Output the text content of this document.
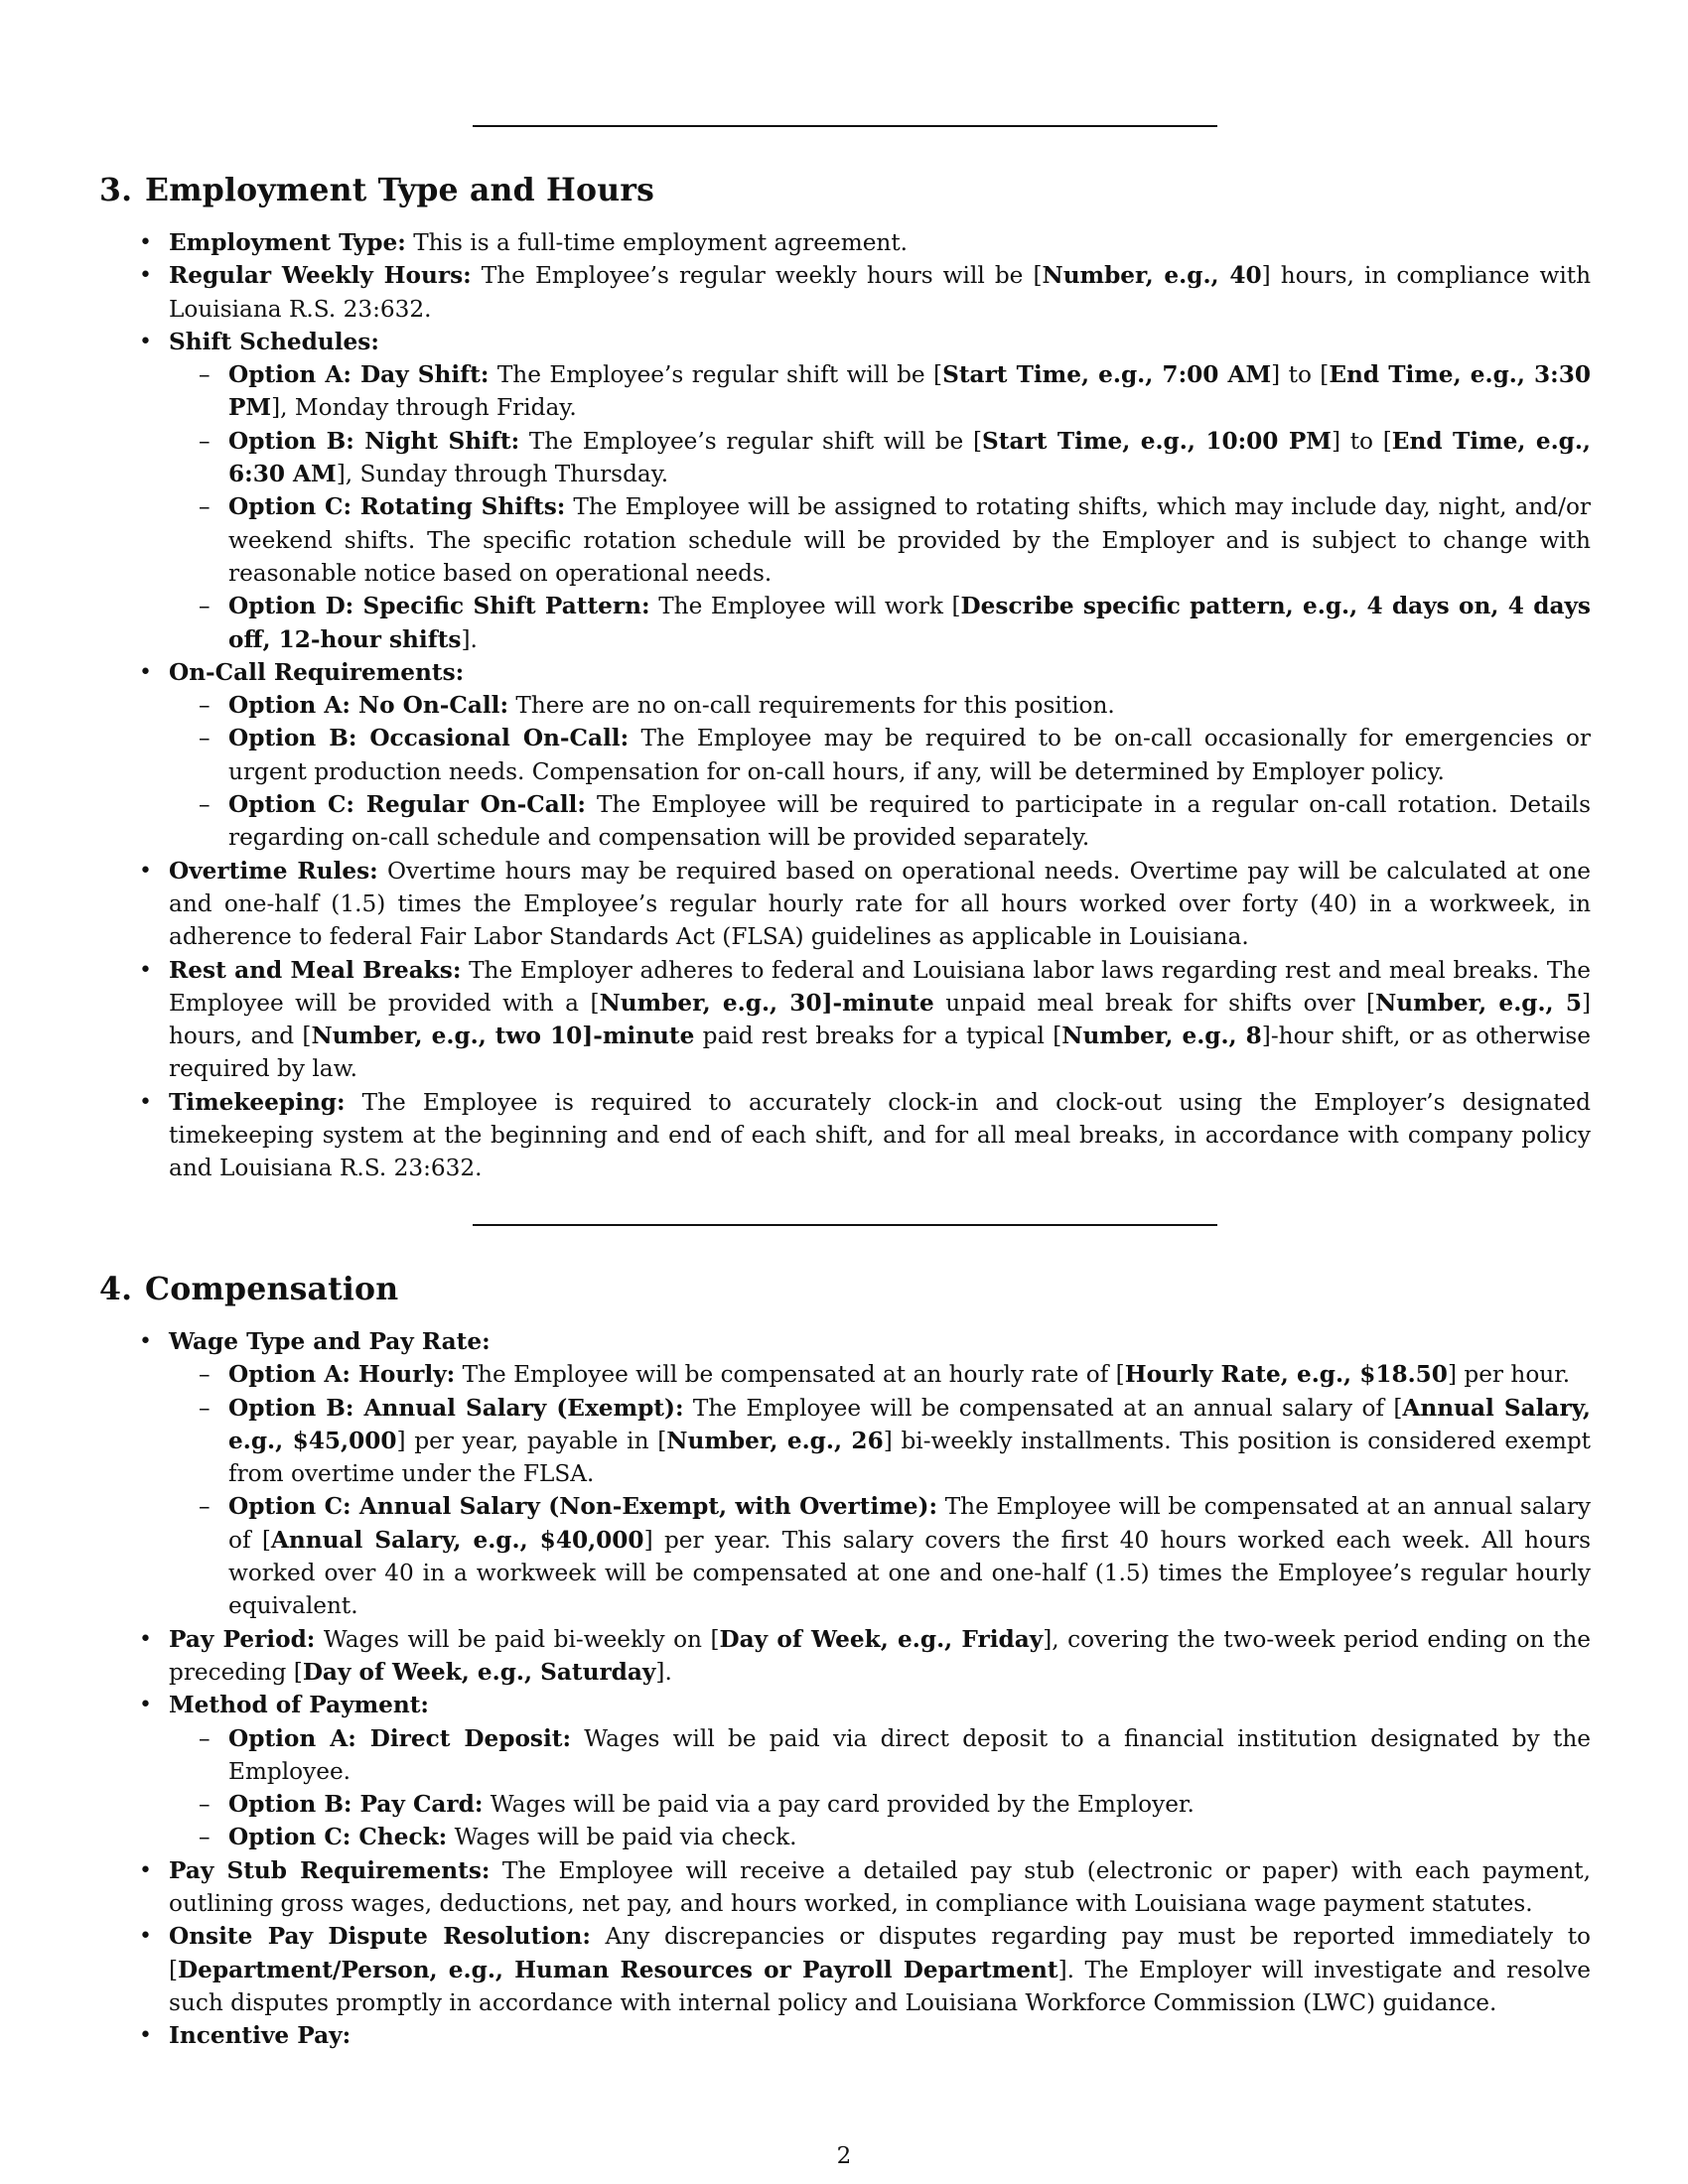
3. Employment Type and Hours
• Employment Type: This is a full-time employment agreement.
• Regular Weekly Hours: The Employee’s regular weekly hours will be [Number, e.g., 40] hours, in compliance with Louisiana R.S. 23:632.
• Shift Schedules:
– Option A: Day Shift: The Employee’s regular shift will be [Start Time, e.g., 7:00 AM] to [End Time, e.g., 3:30 PM], Monday through Friday.
– Option B: Night Shift: The Employee’s regular shift will be [Start Time, e.g., 10:00 PM] to [End Time, e.g., 6:30 AM], Sunday through Thursday.
– Option C: Rotating Shifts: The Employee will be assigned to rotating shifts, which may include day, night, and/or weekend shifts. The specific rotation schedule will be provided by the Employer and is subject to change with reasonable notice based on operational needs.
– Option D: Specific Shift Pattern: The Employee will work [Describe specific pattern, e.g., 4 days on, 4 days off, 12-hour shifts].
• On-Call Requirements:
– Option A: No On-Call: There are no on-call requirements for this position.
– Option B: Occasional On-Call: The Employee may be required to be on-call occasionally for emergencies or urgent production needs. Compensation for on-call hours, if any, will be determined by Employer policy.
– Option C: Regular On-Call: The Employee will be required to participate in a regular on-call rotation. Details regarding on-call schedule and compensation will be provided separately.
• Overtime Rules: Overtime hours may be required based on operational needs. Overtime pay will be calculated at one and one-half (1.5) times the Employee’s regular hourly rate for all hours worked over forty (40) in a workweek, in adherence to federal Fair Labor Standards Act (FLSA) guidelines as applicable in Louisiana.
• Rest and Meal Breaks: The Employer adheres to federal and Louisiana labor laws regarding rest and meal breaks. The Employee will be provided with a [Number, e.g., 30]-minute unpaid meal break for shifts over [Number, e.g., 5] hours, and [Number, e.g., two 10]-minute paid rest breaks for a typical [Number, e.g., 8]-hour shift, or as otherwise required by law.
• Timekeeping: The Employee is required to accurately clock-in and clock-out using the Employer’s designated timekeeping system at the beginning and end of each shift, and for all meal breaks, in accordance with company policy and Louisiana R.S. 23:632.
4. Compensation
• Wage Type and Pay Rate:
– Option A: Hourly: The Employee will be compensated at an hourly rate of [Hourly Rate, e.g., $18.50] per hour.
– Option B: Annual Salary (Exempt): The Employee will be compensated at an annual salary of [Annual Salary, e.g., $45,000] per year, payable in [Number, e.g., 26] bi-weekly installments. This position is considered exempt from overtime under the FLSA.
– Option C: Annual Salary (Non-Exempt, with Overtime): The Employee will be compensated at an annual salary of [Annual Salary, e.g., $40,000] per year. This salary covers the first 40 hours worked each week. All hours worked over 40 in a workweek will be compensated at one and one-half (1.5) times the Employee’s regular hourly equivalent.
• Pay Period: Wages will be paid bi-weekly on [Day of Week, e.g., Friday], covering the two-week period ending on the preceding [Day of Week, e.g., Saturday].
• Method of Payment:
– Option A: Direct Deposit: Wages will be paid via direct deposit to a financial institution designated by the Employee.
– Option B: Pay Card: Wages will be paid via a pay card provided by the Employer.
– Option C: Check: Wages will be paid via check.
• Pay Stub Requirements: The Employee will receive a detailed pay stub (electronic or paper) with each payment, outlining gross wages, deductions, net pay, and hours worked, in compliance with Louisiana wage payment statutes.
• Onsite Pay Dispute Resolution: Any discrepancies or disputes regarding pay must be reported immediately to [Department/Person, e.g., Human Resources or Payroll Department]. The Employer will investigate and resolve such disputes promptly in accordance with internal policy and Louisiana Workforce Commission (LWC) guidance.
• Incentive Pay:
2
